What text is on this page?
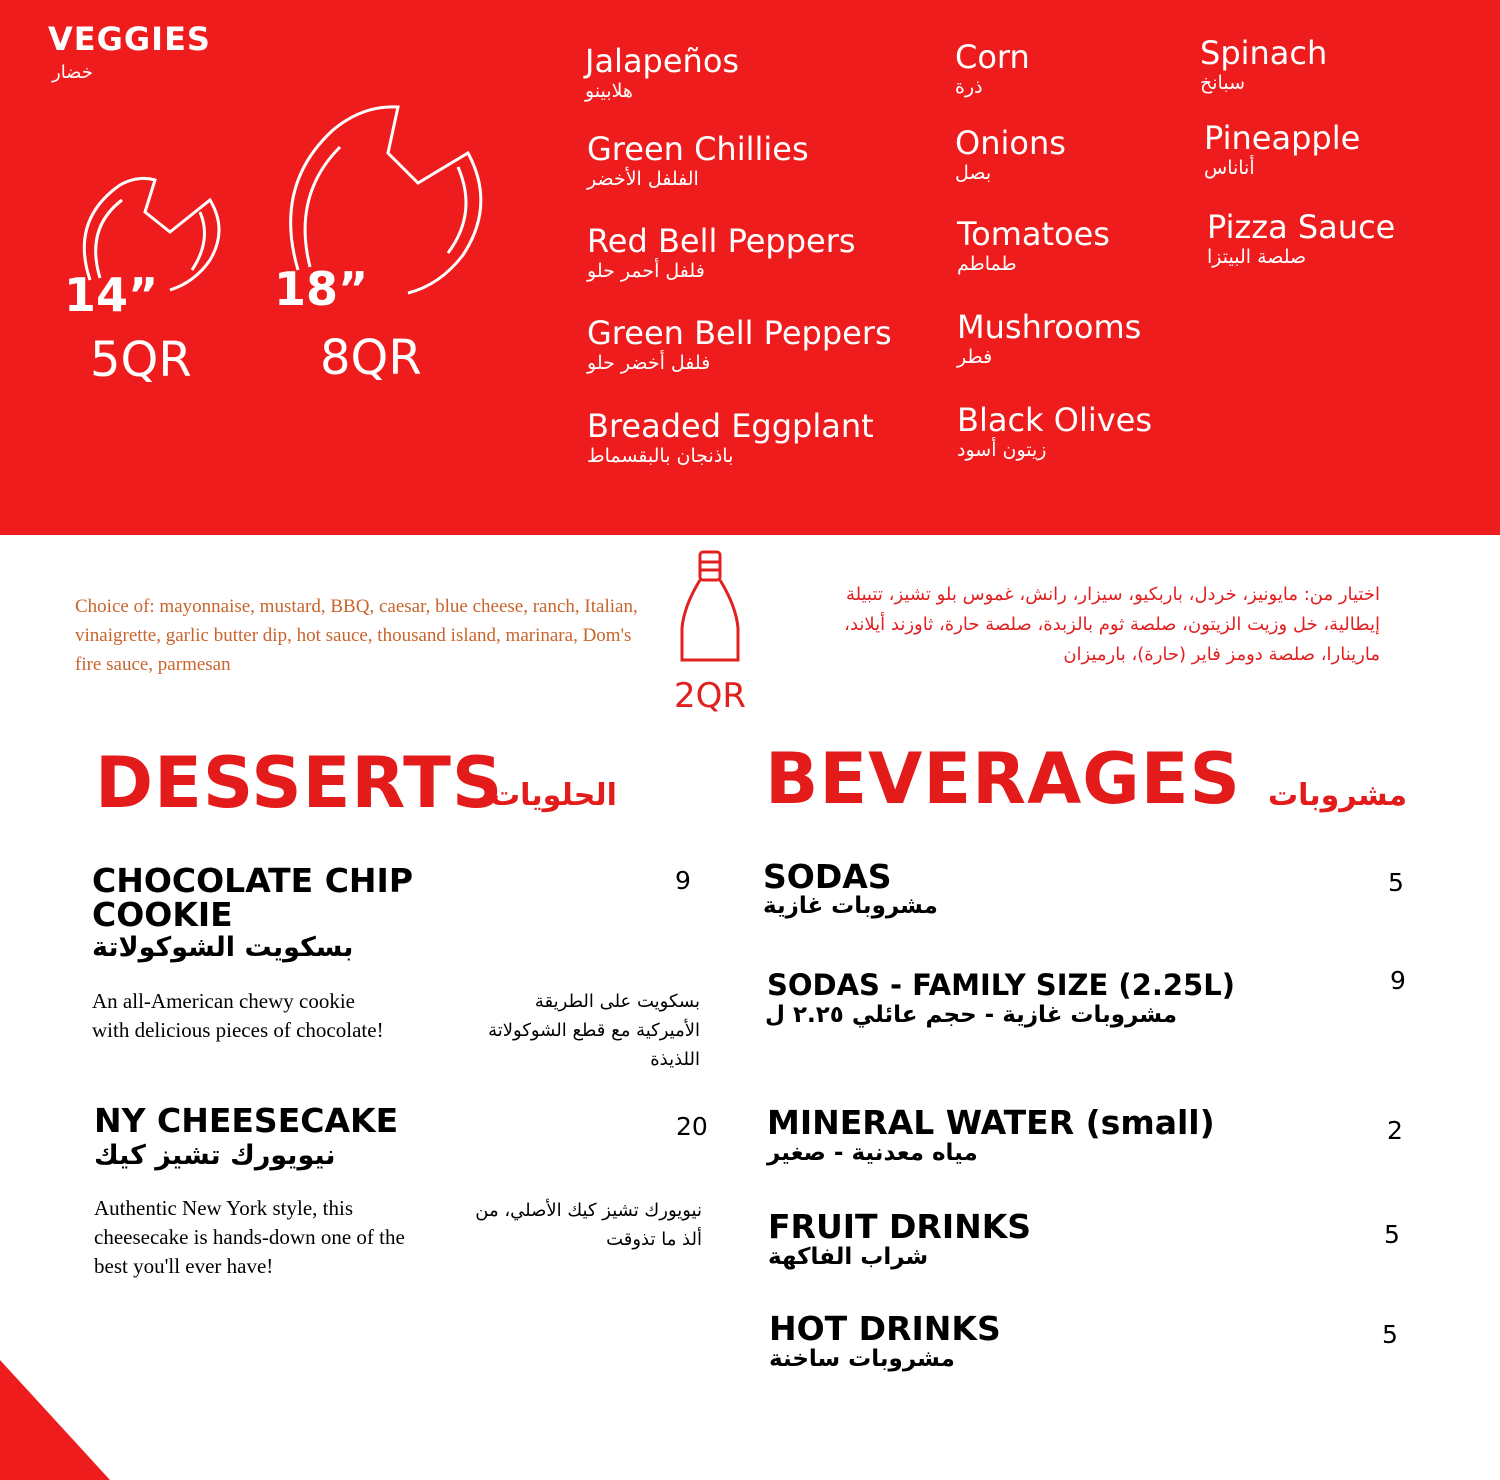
VEGGIES
خضار
14”
5QR
18”
8QR
Jalapeños
هلابينو
Green Chillies
الفلفل الأخضر
Red Bell Peppers
فلفل أحمر حلو
Green Bell Peppers
فلفل أخضر حلو
Breaded Eggplant
باذنجان بالبقسماط
Corn
ذرة
Onions
بصل
Tomatoes
طماطم
Mushrooms
فطر
Black Olives
زيتون أسود
Spinach
سبانخ
Pineapple
أناناس
Pizza Sauce
صلصة البيتزا
Choice of: mayonnaise, mustard, BBQ, caesar, blue cheese, ranch, Italian, vinaigrette, garlic butter dip, hot sauce, thousand island, marinara, Dom's fire sauce, parmesan
2QR
اختيار من: مايونيز، خردل، باربكيو، سيزار، رانش، غموس بلو تشيز، تتبيلة إيطالية، خل وزيت الزيتون، صلصة ثوم بالزبدة، صلصة حارة، ثاوزند أيلاند، مارينارا، صلصة دومز فاير (حارة)، بارميزان
DESSERTS
الحلويات
CHOCOLATE CHIP COOKIE
9
بسكويت الشوكولاتة
An all-American chewy cookie with delicious pieces of chocolate!
بسكويت على الطريقة الأميركية مع قطع الشوكولاتة اللذيذة
NY CHEESECAKE	20
نيويورك تشيز كيك
Authentic New York style, this cheesecake is hands-down one of the best you'll ever have!
نيويورك تشيز كيك الأصلي، من ألذ ما تذوقت
BEVERAGES مشروبات
SODAS
مشروبات غازية
5
SODAS - FAMILY SIZE (2.25L)
مشروبات غازية - حجم عائلي ٢.٢٥ ل
9
MINERAL WATER (small)
مياه معدنية - صغير
2
FRUIT DRINKS
شراب الفاكهة
5
HOT DRINKS
مشروبات ساخنة
5
